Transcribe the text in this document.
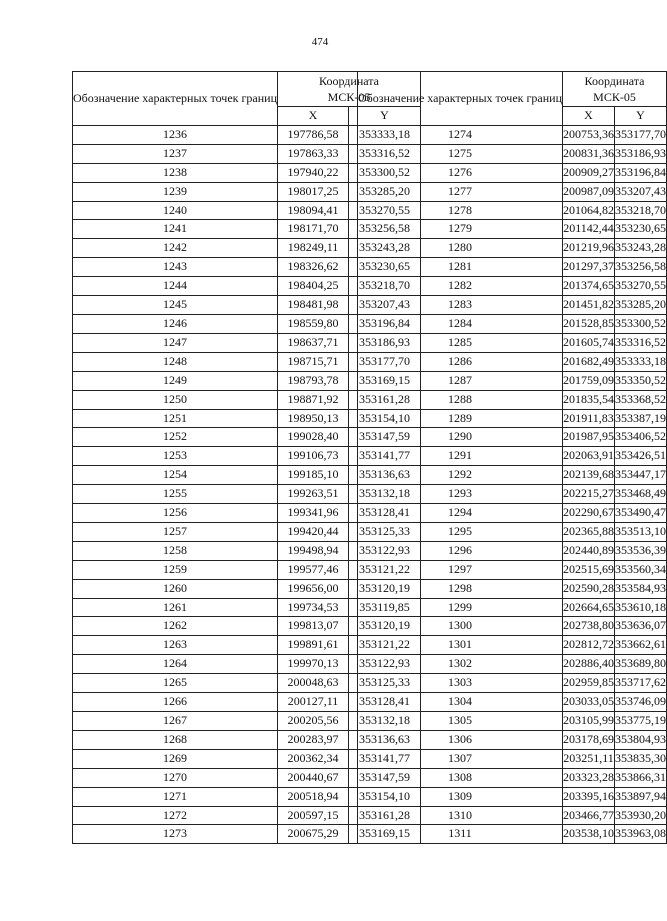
474
Обозначение характерных точек границ	Координата
МСК-05	
	X	Y
1236	197786,58	353333,18
1237	197863,33	353316,52
1238	197940,22	353300,52
1239	198017,25	353285,20
1240	198094,41	353270,55
1241	198171,70	353256,58
1242	198249,11	353243,28
1243	198326,62	353230,65
1244	198404,25	353218,70
1245	198481,98	353207,43
1246	198559,80	353196,84
1247	198637,71	353186,93
1248	198715,71	353177,70
1249	198793,78	353169,15
1250	198871,92	353161,28
1251	198950,13	353154,10
1252	199028,40	353147,59
1253	199106,73	353141,77
1254	199185,10	353136,63
1255	199263,51	353132,18
1256	199341,96	353128,41
1257	199420,44	353125,33
1258	199498,94	353122,93
1259	199577,46	353121,22
1260	199656,00	353120,19
1261	199734,53	353119,85
1262	199813,07	353120,19
1263	199891,61	353121,22
1264	199970,13	353122,93
1265	200048,63	353125,33
1266	200127,11	353128,41
1267	200205,56	353132,18
1268	200283,97	353136,63
1269	200362,34	353141,77
1270	200440,67	353147,59
1271	200518,94	353154,10
1272	200597,15	353161,28
1273	200675,29	353169,15
Обозначение характерных точек границ	Координата
МСК-05	
	X	Y
1274	200753,36	353177,70
1275	200831,36	353186,93
1276	200909,27	353196,84
1277	200987,09	353207,43
1278	201064,82	353218,70
1279	201142,44	353230,65
1280	201219,96	353243,28
1281	201297,37	353256,58
1282	201374,65	353270,55
1283	201451,82	353285,20
1284	201528,85	353300,52
1285	201605,74	353316,52
1286	201682,49	353333,18
1287	201759,09	353350,52
1288	201835,54	353368,52
1289	201911,83	353387,19
1290	201987,95	353406,52
1291	202063,91	353426,51
1292	202139,68	353447,17
1293	202215,27	353468,49
1294	202290,67	353490,47
1295	202365,88	353513,10
1296	202440,89	353536,39
1297	202515,69	353560,34
1298	202590,28	353584,93
1299	202664,65	353610,18
1300	202738,80	353636,07
1301	202812,72	353662,61
1302	202886,40	353689,80
1303	202959,85	353717,62
1304	203033,05	353746,09
1305	203105,99	353775,19
1306	203178,69	353804,93
1307	203251,11	353835,30
1308	203323,28	353866,31
1309	203395,16	353897,94
1310	203466,77	353930,20
1311	203538,10	353963,08
